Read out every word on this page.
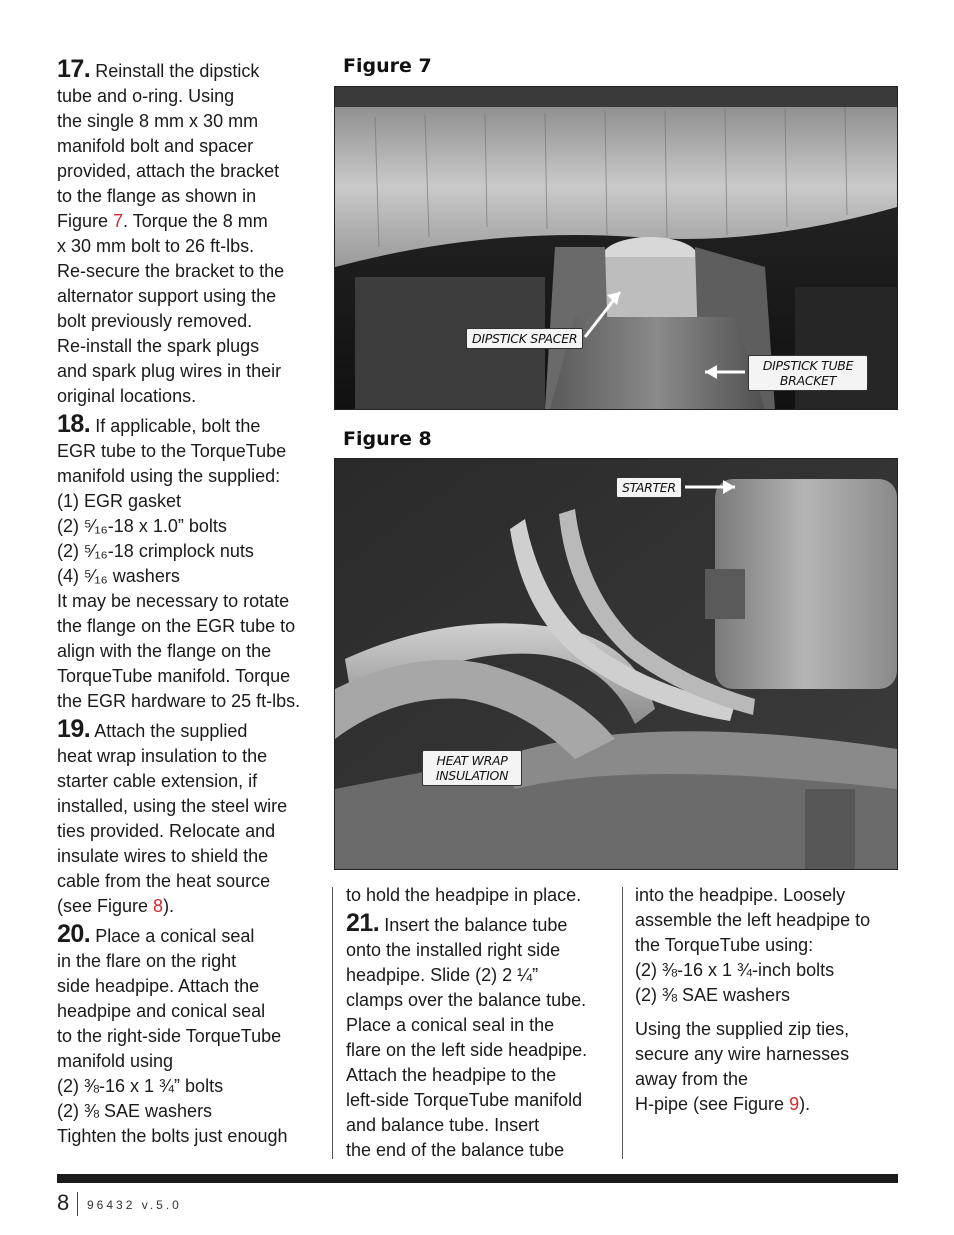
17. Reinstall the dipstick
tube and o-ring. Using
the single 8 mm x 30 mm
manifold bolt and spacer
provided, attach the bracket
to the flange as shown in
Figure 7. Torque the 8 mm
x 30 mm bolt to 26 ft-lbs.
Re-secure the bracket to the
alternator support using the
bolt previously removed.
Re-install the spark plugs
and spark plug wires in their
original locations.

18. If applicable, bolt the
EGR tube to the TorqueTube
manifold using the supplied:
(1) EGR gasket
(2) ⁵⁄₁₆-18 x 1.0” bolts
(2) ⁵⁄₁₆-18 crimplock nuts
(4) ⁵⁄₁₆ washers
It may be necessary to rotate
the flange on the EGR tube to
align with the flange on the
TorqueTube manifold. Torque
the EGR hardware to 25 ft-lbs.

19. Attach the supplied
heat wrap insulation to the
starter cable extension, if
installed, using the steel wire
ties provided. Relocate and
insulate wires to shield the
cable from the heat source
(see Figure 8).

20. Place a conical seal
in the flare on the right
side headpipe. Attach the
headpipe and conical seal
to the right-side TorqueTube
manifold using
(2) ⅜-16 x 1 ¾” bolts
(2) ⅜ SAE washers
Tighten the bolts just enough

to hold the headpipe in place.

21. Insert the balance tube
onto the installed right side
headpipe. Slide (2) 2 ¼”
clamps over the balance tube.
Place a conical seal in the
flare on the left side headpipe.
Attach the headpipe to the
left-side TorqueTube manifold
and balance tube. Insert
the end of the balance tube

into the headpipe. Loosely
assemble the left headpipe to
the TorqueTube using:
(2) ⅜-16 x 1 ¾-inch bolts
(2) ⅜ SAE washers

Using the supplied zip ties,
secure any wire harnesses
away from the
H-pipe (see Figure 9).

Figure 7
DIPSTICK SPACER
DIPSTICK TUBE
BRACKET
Figure 8
STARTER
HEAT WRAP
INSULATION
8 96432 v.5.0
